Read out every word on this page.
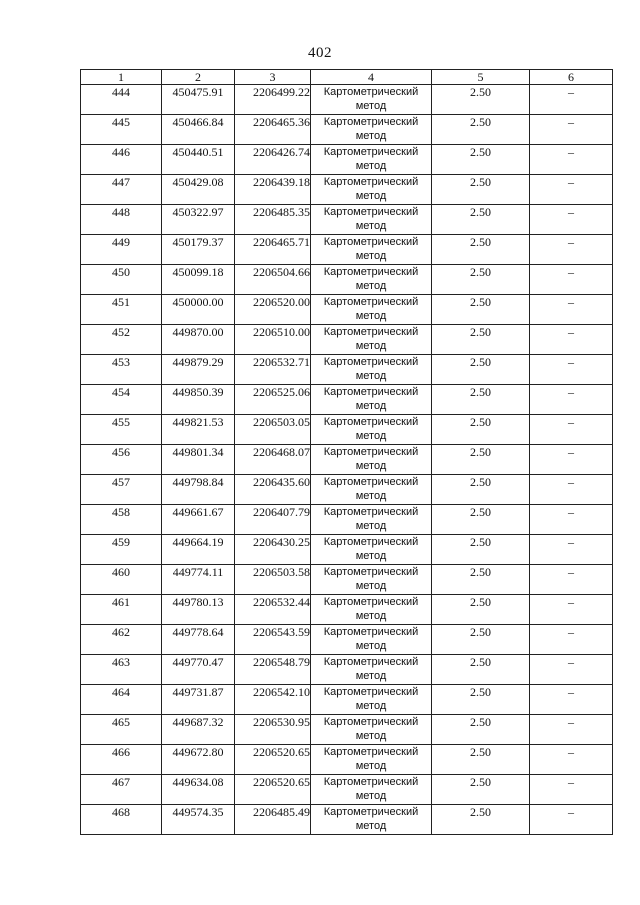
402
1	2	3	4	5	6
444	450475.91	2206499.22	Картометрический метод	2.50	–
445	450466.84	2206465.36	Картометрический метод	2.50	–
446	450440.51	2206426.74	Картометрический метод	2.50	–
447	450429.08	2206439.18	Картометрический метод	2.50	–
448	450322.97	2206485.35	Картометрический метод	2.50	–
449	450179.37	2206465.71	Картометрический метод	2.50	–
450	450099.18	2206504.66	Картометрический метод	2.50	–
451	450000.00	2206520.00	Картометрический метод	2.50	–
452	449870.00	2206510.00	Картометрический метод	2.50	–
453	449879.29	2206532.71	Картометрический метод	2.50	–
454	449850.39	2206525.06	Картометрический метод	2.50	–
455	449821.53	2206503.05	Картометрический метод	2.50	–
456	449801.34	2206468.07	Картометрический метод	2.50	–
457	449798.84	2206435.60	Картометрический метод	2.50	–
458	449661.67	2206407.79	Картометрический метод	2.50	–
459	449664.19	2206430.25	Картометрический метод	2.50	–
460	449774.11	2206503.58	Картометрический метод	2.50	–
461	449780.13	2206532.44	Картометрический метод	2.50	–
462	449778.64	2206543.59	Картометрический метод	2.50	–
463	449770.47	2206548.79	Картометрический метод	2.50	–
464	449731.87	2206542.10	Картометрический метод	2.50	–
465	449687.32	2206530.95	Картометрический метод	2.50	–
466	449672.80	2206520.65	Картометрический метод	2.50	–
467	449634.08	2206520.65	Картометрический метод	2.50	–
468	449574.35	2206485.49	Картометрический метод	2.50	–
